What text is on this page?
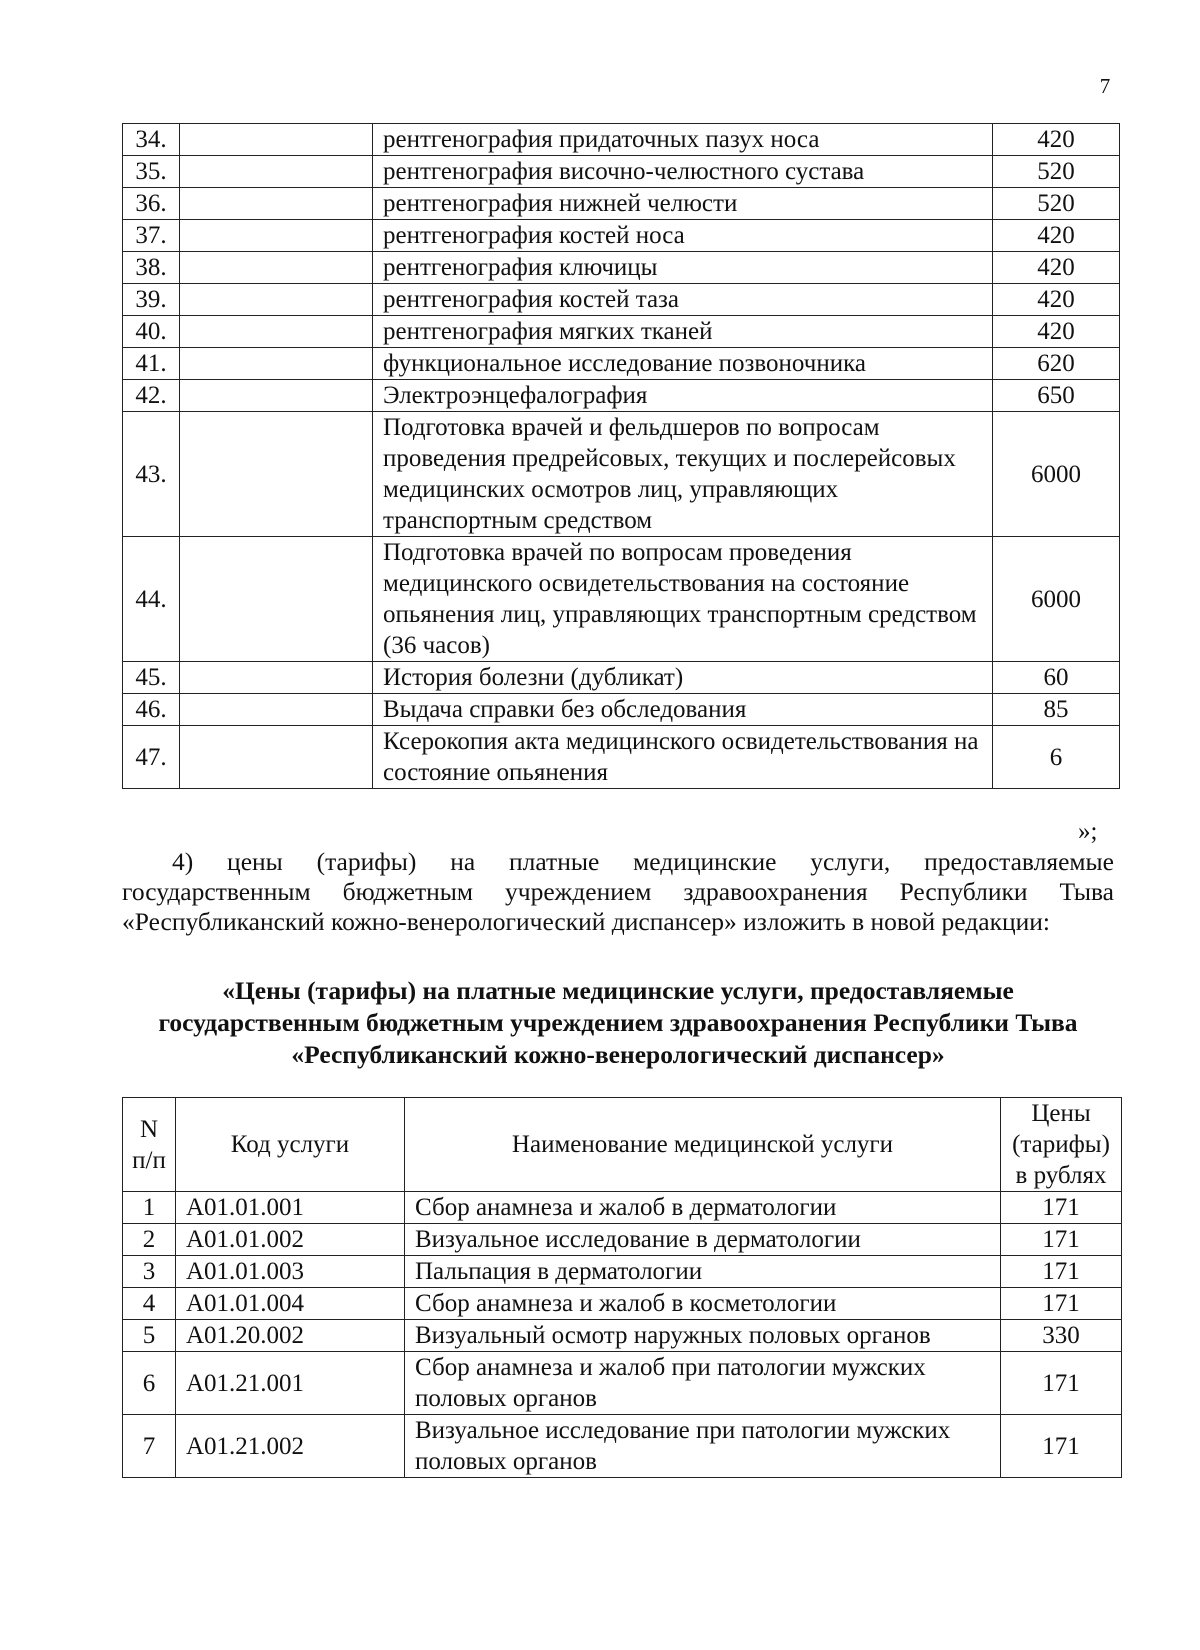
7
34.		рентгенография придаточных пазух носа	420
35.		рентгенография височно-челюстного сустава	520
36.		рентгенография нижней челюсти	520
37.		рентгенография костей носа	420
38.		рентгенография ключицы	420
39.		рентгенография костей таза	420
40.		рентгенография мягких тканей	420
41.		функциональное исследование позвоночника	620
42.		Электроэнцефалография	650
43.		Подготовка врачей и фельдшеров по вопросам проведения предрейсовых, текущих и послерейсовых медицинских осмотров лиц, управляющих транспортным средством	6000
44.		Подготовка врачей по вопросам проведения медицинского освидетельствования на состояние опьянения лиц, управляющих транспортным средством (36 часов)	6000
45.		История болезни (дубликат)	60
46.		Выдача справки без обследования	85
47.		Ксерокопия акта медицинского освидетельствования на состояние опьянения	6
»;
4) цены (тарифы) на платные медицинские услуги, предоставляемые государственным бюджетным учреждением здравоохранения Республики Тыва «Республиканский кожно-венерологический диспансер» изложить в новой редакции:
«Цены (тарифы) на платные медицинские услуги, предоставляемые государственным бюджетным учреждением здравоохранения Республики Тыва «Республиканский кожно-венерологический диспансер»
N п/п	Код услуги	Наименование медицинской услуги	Цены (тарифы) в рублях
1	A01.01.001	Сбор анамнеза и жалоб в дерматологии	171
2	A01.01.002	Визуальное исследование в дерматологии	171
3	A01.01.003	Пальпация в дерматологии	171
4	A01.01.004	Сбор анамнеза и жалоб в косметологии	171
5	A01.20.002	Визуальный осмотр наружных половых органов	330
6	A01.21.001	Сбор анамнеза и жалоб при патологии мужских половых органов	171
7	A01.21.002	Визуальное исследование при патологии мужских половых органов	171
